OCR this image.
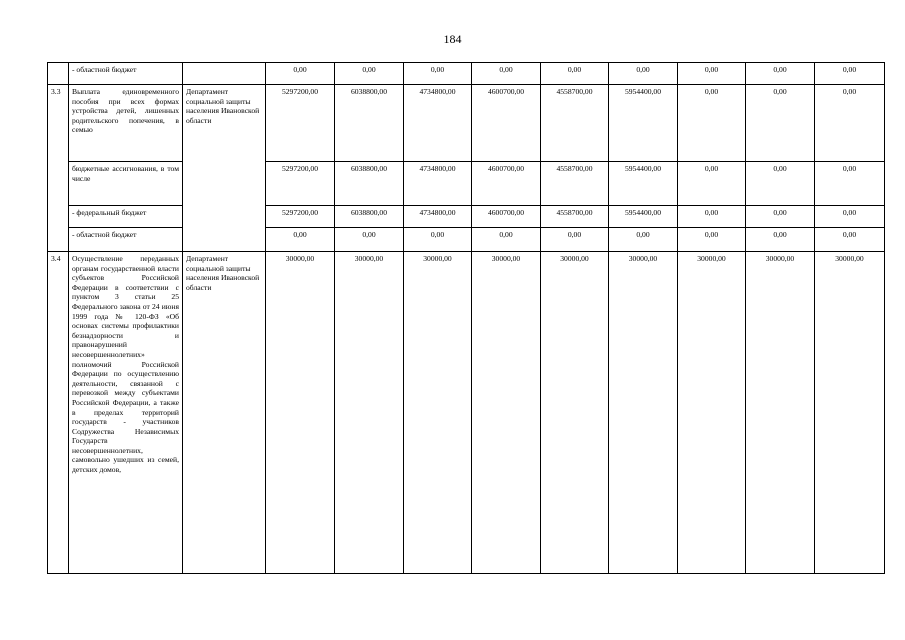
184
	- областной бюджет		0,00	0,00	0,00	0,00	0,00	0,00	0,00	0,00	0,00
3.3	Выплата единовременного пособия при всех формах устройства детей, лишенных родительского попечения, в семью	Департамент социальной защиты населения Ивановской области	5297200,00	6038800,00	4734800,00	4600700,00	4558700,00	5954400,00	0,00	0,00	0,00
	бюджетные ассигнования, в том числе		5297200,00	6038800,00	4734800,00	4600700,00	4558700,00	5954400,00	0,00	0,00	0,00
	- федеральный бюджет		5297200,00	6038800,00	4734800,00	4600700,00	4558700,00	5954400,00	0,00	0,00	0,00
	- областной бюджет		0,00	0,00	0,00	0,00	0,00	0,00	0,00	0,00	0,00
3.4	Осуществление переданных органам государственной власти субъектов Российской Федерации в соответствии с пунктом 3 статьи 25 Федерального закона от 24 июня 1999 года № 120-ФЗ «Об основах системы профилактики безнадзорности и правонарушений несовершеннолетних» полномочий Российской Федерации по осуществлению деятельности, связанной с перевозкой между субъектами Российской Федерации, а также в пределах территорий государств - участников Содружества Независимых Государств несовершеннолетних, самовольно ушедших из семей, детских домов,	Департамент социальной защиты населения Ивановской области	30000,00	30000,00	30000,00	30000,00	30000,00	30000,00	30000,00	30000,00	30000,00
